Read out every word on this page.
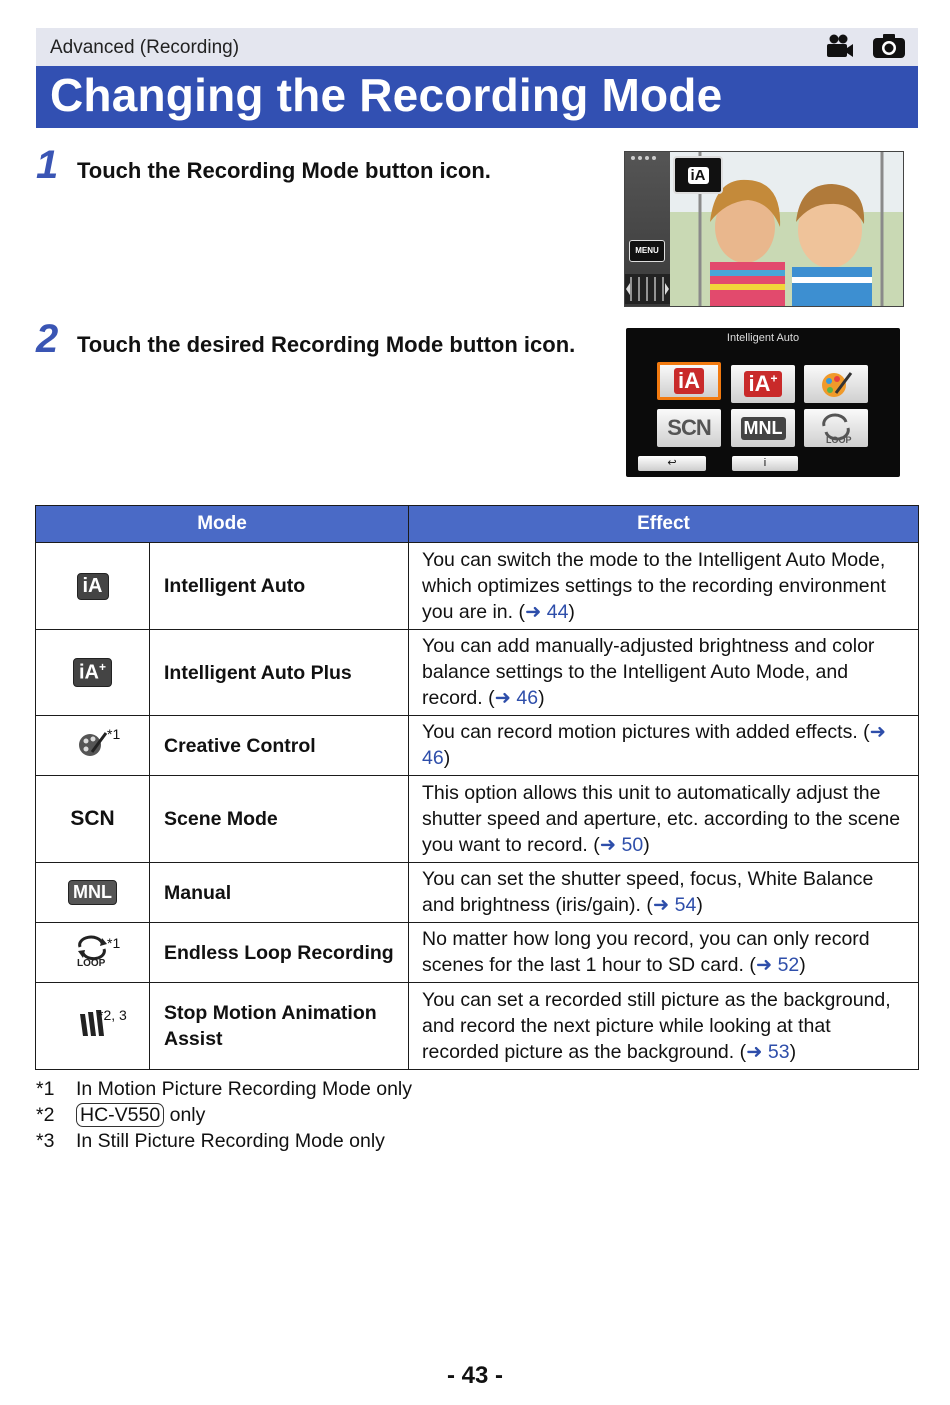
Advanced (Recording)
Changing the Recording Mode
1 Touch the Recording Mode button icon.
MENU
iA
2 Touch the desired Recording Mode button icon.	Intelligent Auto
iA iA+
SCN MNL
LOOP
↩	i
Mode		Effect
iA	Intelligent Auto	You can switch the mode to the Intelligent Auto Mode, which optimizes settings to the recording environment you are in. (➜ 44)
iA+	Intelligent Auto Plus	You can add manually-adjusted brightness and color balance settings to the Intelligent Auto Mode, and record. (➜ 46)

*1	Creative Control	You can record motion pictures with added effects. (➜ 46)
SCN	Scene Mode	This option allows this unit to automatically adjust the shutter speed and aperture, etc. according to the scene you want to record. (➜ 50)
MNL	Manual	You can set the shutter speed, focus, White Balance and brightness (iris/gain). (➜ 54)

LOOP
*1	Endless Loop Recording	No matter how long you record, you can only record scenes for the last 1 hour to SD card. (➜ 52)

*2, 3	Stop Motion Animation Assist	You can set a recorded still picture as the background, and record the next picture while looking at that recorded picture as the background. (➜ 53)
*1	In Motion Picture Recording Mode only
*2	HC-V550 only
*3	In Still Picture Recording Mode only
- 43 -
